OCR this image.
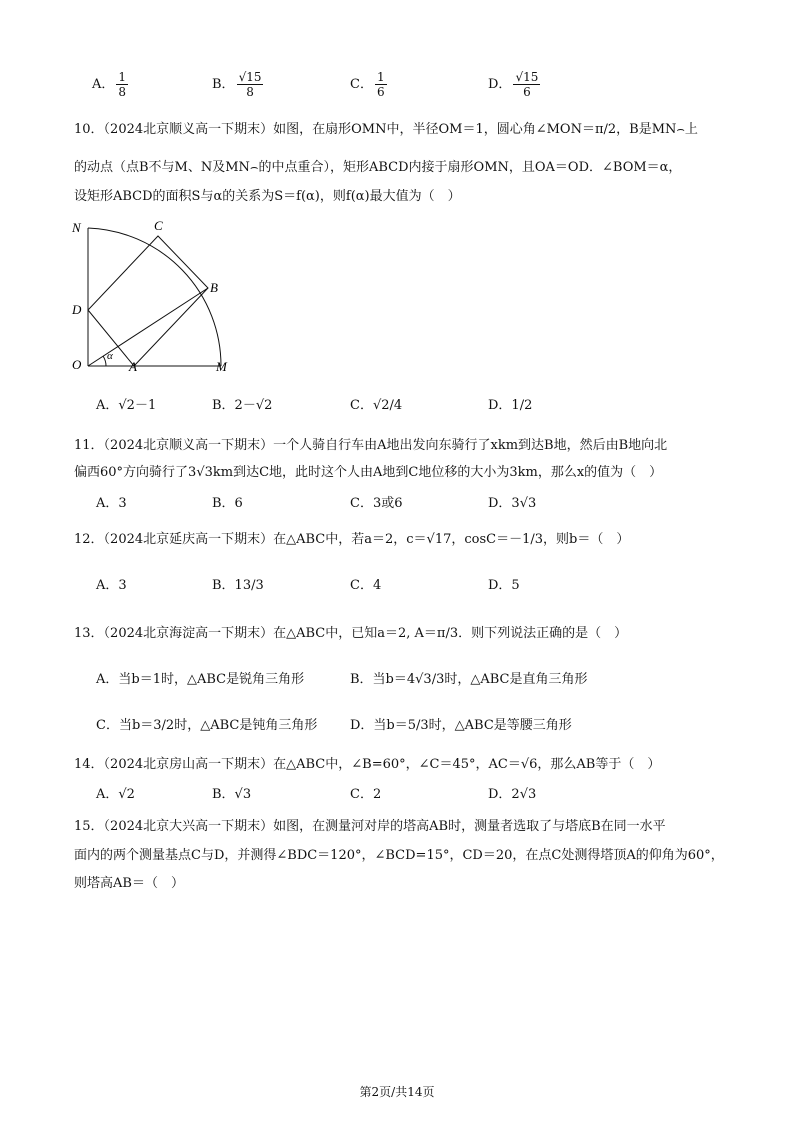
A． $\frac{1}{8}$	B． $\frac{√15}{8}$	C． $\frac{1}{6}$	D． $\frac{√15}{6}$
10．（2024北京顺义高一下期末）如图，在扇形OMN中，半径OM＝1，圆心角∠MON＝π/2，B是MN⌢上
的动点（点B不与M、N及MN⌢的中点重合），矩形ABCD内接于扇形OMN，且OA＝OD．∠BOM＝α，
设矩形ABCD的面积S与α的关系为S＝f(α)，则f(α)最大值为（　）
N	C
B
D
O	A	M
α
A．√2－1	B．2－√2	C．√2/4	D．1/2
11．（2024北京顺义高一下期末）一个人骑自行车由A地出发向东骑行了xkm到达B地，然后由B地向北
偏西60°方向骑行了3√3km到达C地，此时这个人由A地到C地位移的大小为3km，那么x的值为（　）
A．3	B．6	C．3或6	D．3√3
12．（2024北京延庆高一下期末）在△ABC中，若a＝2，c＝√17，cosC＝－1/3，则b＝（　）
A．3	B．13/3	C．4	D．5
13．（2024北京海淀高一下期末）在△ABC中，已知a＝2, A＝π/3．则下列说法正确的是（　）
A．当b＝1时，△ABC是锐角三角形	B．当b＝4√3/3时，△ABC是直角三角形
C．当b＝3/2时，△ABC是钝角三角形	D．当b＝5/3时，△ABC是等腰三角形
14．（2024北京房山高一下期末）在△ABC中，∠B=60°，∠C＝45°，AC＝√6，那么AB等于（　）
A．√2	B．√3	C．2	D．2√3
15．（2024北京大兴高一下期末）如图，在测量河对岸的塔高AB时，测量者选取了与塔底B在同一水平
面内的两个测量基点C与D，并测得∠BDC＝120°，∠BCD=15°，CD＝20，在点C处测得塔顶A的仰角为60°，
则塔高AB＝（　）
第2页/共14页
